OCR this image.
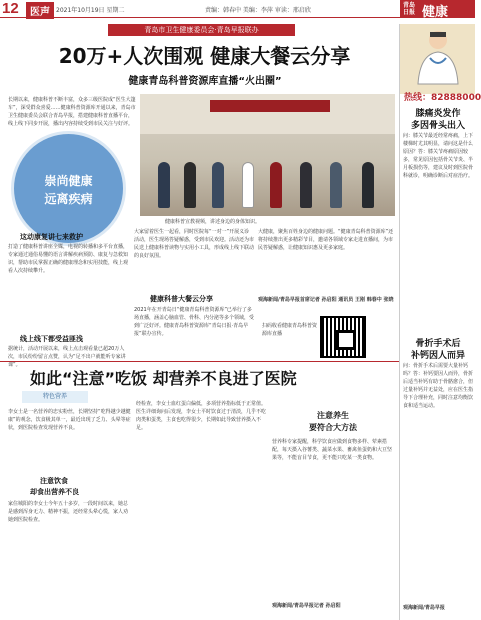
12	医声	2021年10月19日 星期二	责编：韩春中 美编：李萍 审读：邢启欣
青岛日报 健康
青岛市卫生健康委员会·青岛早报联办
20万+人次围观 健康大餐云分享
健康青岛科普资源库直播“火出圈”
长期以来，健康科普不断丰富，众多三级医院成“医生大篷车”，深受群众喜爱……健康科普资源库开通以来，青岛市卫生健康委员会联合青岛早报，搭建健康科普直播平台，线上线下同步开展，播出内容持续受到市民关注与好评。
健康科普宣教视频，讲述身边的身体知识。
崇尚健康
远离疾病
这动康复讲七来救护
打造了健康科普讲座全媒，电视的转播和多平台直播，专家通过通俗易懂的语言讲解疾病预防、康复与急救知识，帮助市民掌握正确的健康理念和实用技能，线上观看人次持续攀升。
线上线下都受益匪浅
据统计，活动开展以来，线上点击观看量已超20万人次，市民纷纷留言点赞，认为“足不出户就能听专家讲课”。
大家留着医生一起看，同时医院每“一对一”开展义诊活动，医生现场答疑解惑，受到市民欢迎。活动还为市民送上健康科普读物与实用小工具，形成线上线下联动的良好氛围。
健康科普大餐云分享
2021年在开青岛日“健康青岛科普资源库”已举行了多场直播，涵盖心脑血管、骨科、内分泌等多个领域，受到广泛好评。健康青岛科普资源库“青岛日报·青岛早报”联办宣传。
大健康，聚焦百姓身边的健康问题。“健康青岛科普资源库”还将持续推出更多精彩节目，邀请各领域专家走进直播间，为市民答疑解惑，让健康知识惠及更多家庭。
观海新闻/青岛早报首席记者 孙启阳 通讯员 王刚 韩春中 张晓
扫码收看健康青岛科普资源库直播
热线：82888000
膝痛炎发作
多因骨头出入
问：膝关节最近经常疼痛，上下楼梯时尤其明显，请问这是什么原因？答：膝关节疼痛原因较多，常见原因包括骨关节炎、半月板损伤等，建议及时到医院骨科就诊，明确诊断后对症治疗。
骨折手术后
补钙因人而异
问：骨折手术后需要大量补钙吗？答：补钙要因人而异，骨折后适当补钙有助于骨骼愈合，但过量补钙并无益处，应在医生指导下合理补充，同时注意均衡饮食和适当运动。
观海新闻/青岛早报
如此“注意”吃饭 却营养不良进了医院
特色营养
李女士是一名营养的忠实粉丝，长期坚持“吃得越少越健康”的观念，饮食极其单一，最近出现了乏力、头晕等症状，到医院检查发现营养不良。
注意饮食
却食出营养不良
家住城阳的李女士今年五十多岁，一段时间以来，她总是感到浑身无力、精神不振，还经常头晕心慌，家人劝她到医院检查。
经检查，李女士血红蛋白偏低，多项营养指标低于正常值。医生详细询问后发现，李女士平时饮食过于清淡，几乎不吃肉类和蛋类，主食也吃得很少，长期如此导致营养摄入不足。
注意养生
要符合大方法
营养科专家提醒，科学饮食应做到食物多样、荤素搭配，每天摄入谷薯类、蔬菜水果、畜禽鱼蛋奶和大豆坚果等，不能盲目节食，更不能只吃某一类食物。
观海新闻/青岛早报记者 孙启阳
